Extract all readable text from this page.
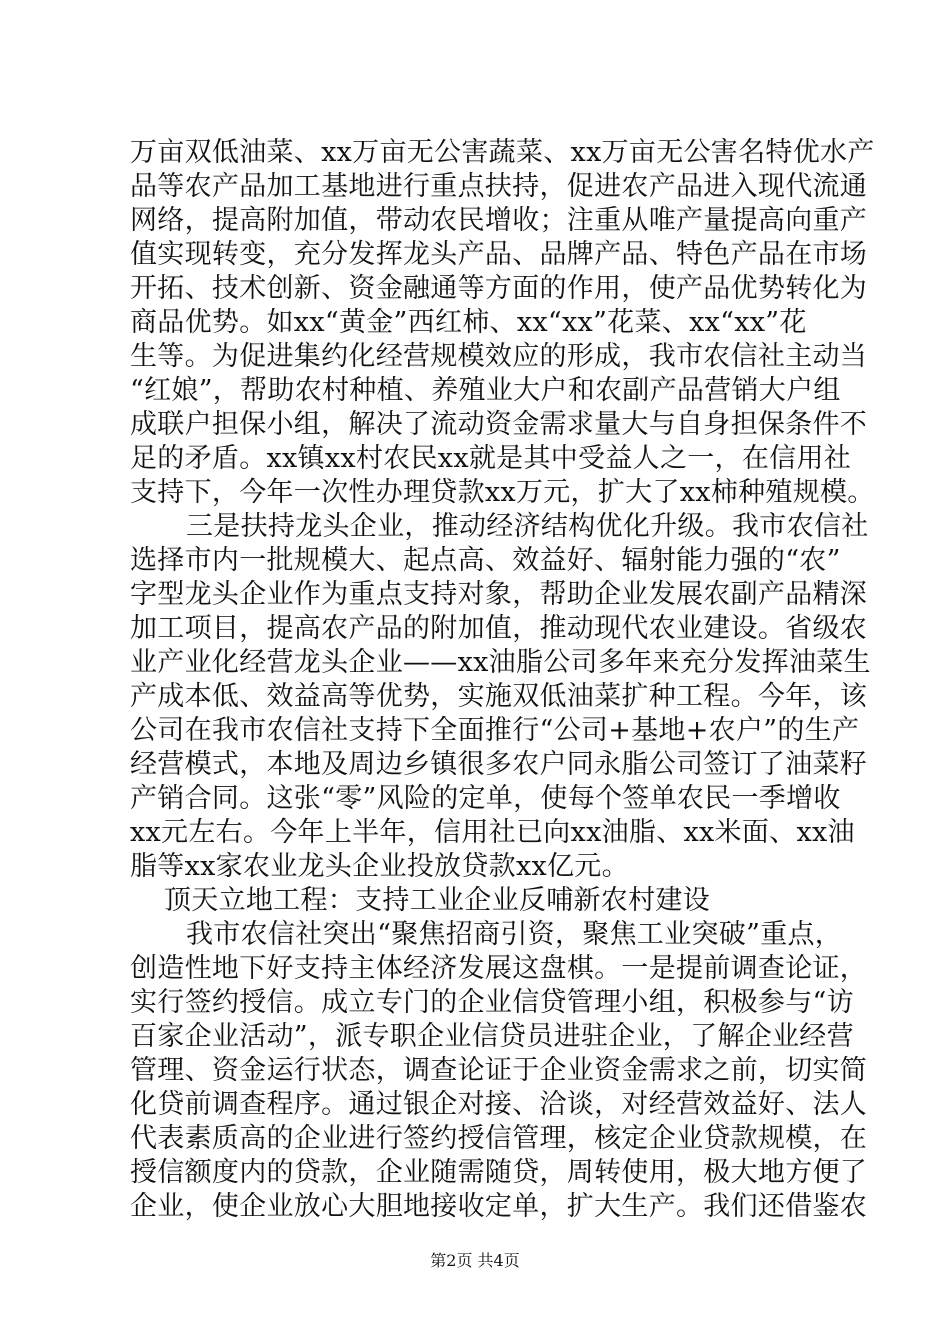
万亩双低油菜、xx万亩无公害蔬菜、xx万亩无公害名特优水产
品等农产品加工基地进行重点扶持，促进农产品进入现代流通
网络，提高附加值，带动农民增收；注重从唯产量提高向重产
值实现转变，充分发挥龙头产品、品牌产品、特色产品在市场
开拓、技术创新、资金融通等方面的作用，使产品优势转化为
商品优势。如xx“黄金”西红柿、xx“xx”花菜、xx“xx”花
生等。为促进集约化经营规模效应的形成，我市农信社主动当
“红娘”，帮助农村种植、养殖业大户和农副产品营销大户组
成联户担保小组，解决了流动资金需求量大与自身担保条件不
足的矛盾。xx镇xx村农民xx就是其中受益人之一，在信用社
支持下，今年一次性办理贷款xx万元，扩大了xx柿种殖规模。
三是扶持龙头企业，推动经济结构优化升级。我市农信社
选择市内一批规模大、起点高、效益好、辐射能力强的“农”
字型龙头企业作为重点支持对象，帮助企业发展农副产品精深
加工项目，提高农产品的附加值，推动现代农业建设。省级农
业产业化经营龙头企业——xx油脂公司多年来充分发挥油菜生
产成本低、效益高等优势，实施双低油菜扩种工程。今年，该
公司在我市农信社支持下全面推行“公司+基地+农户”的生产
经营模式，本地及周边乡镇很多农户同永脂公司签订了油菜籽
产销合同。这张“零”风险的定单，使每个签单农民一季增收
xx元左右。今年上半年，信用社已向xx油脂、xx米面、xx油
脂等xx家农业龙头企业投放贷款xx亿元。
顶天立地工程：支持工业企业反哺新农村建设
我市农信社突出“聚焦招商引资，聚焦工业突破”重点，
创造性地下好支持主体经济发展这盘棋。一是提前调查论证，
实行签约授信。成立专门的企业信贷管理小组，积极参与“访
百家企业活动”，派专职企业信贷员进驻企业，了解企业经营
管理、资金运行状态，调查论证于企业资金需求之前，切实简
化贷前调查程序。通过银企对接、洽谈，对经营效益好、法人
代表素质高的企业进行签约授信管理，核定企业贷款规模，在
授信额度内的贷款，企业随需随贷，周转使用，极大地方便了
企业，使企业放心大胆地接收定单，扩大生产。我们还借鉴农
第2页 共4页
